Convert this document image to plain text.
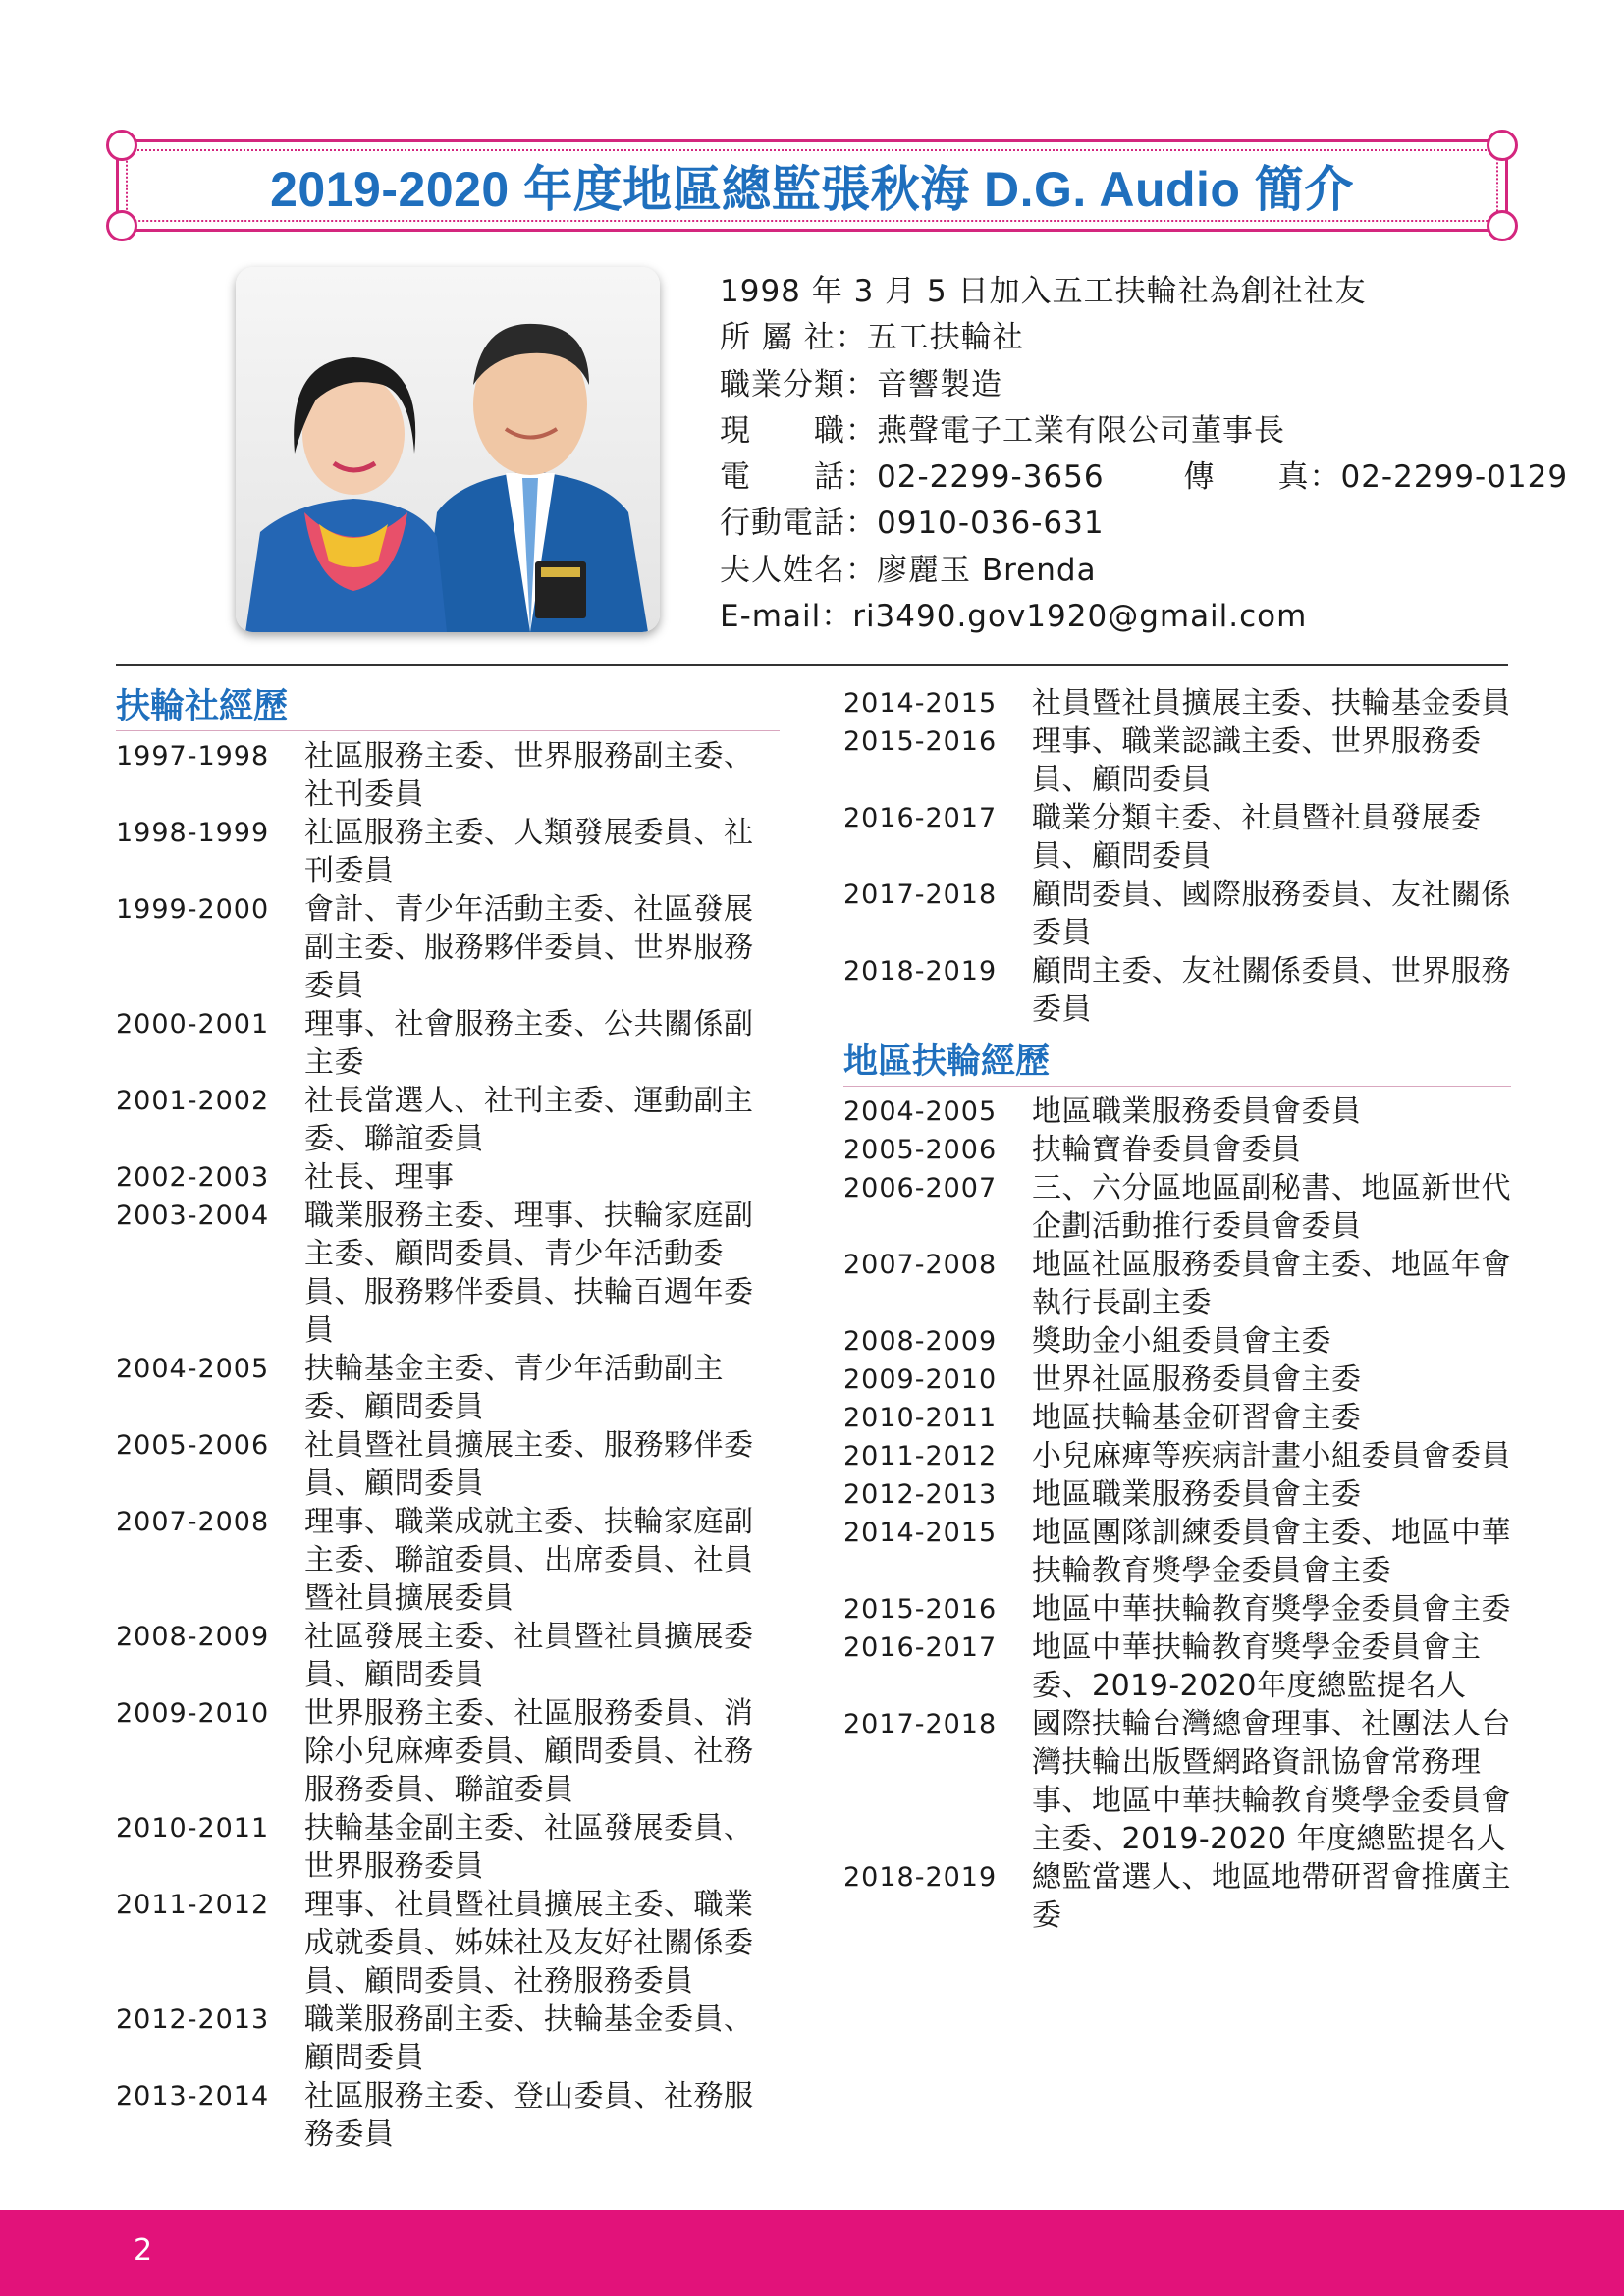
2019-2020 年度地區總監張秋海 D.G. Audio 簡介
1998 年 3 月 5 日加入五工扶輪社為創社社友
所 屬 社：五工扶輪社
職業分類：音響製造
現　　職：燕聲電子工業有限公司董事長
電　　話：02-2299-3656	傳　　真：02-2299-0129
行動電話：0910-036-631
夫人姓名：廖麗玉 Brenda
E-mail：ri3490.gov1920@gmail.com
扶輪社經歷
1997-1998	社區服務主委、世界服務副主委、社刊委員
1998-1999	社區服務主委、人類發展委員、社刊委員
1999-2000	會計、青少年活動主委、社區發展副主委、服務夥伴委員、世界服務委員
2000-2001	理事、社會服務主委、公共關係副主委
2001-2002	社長當選人、社刊主委、運動副主委、聯誼委員
2002-2003	社長、理事
2003-2004	職業服務主委、理事、扶輪家庭副主委、顧問委員、青少年活動委員、服務夥伴委員、扶輪百週年委員
2004-2005	扶輪基金主委、青少年活動副主委、顧問委員
2005-2006	社員暨社員擴展主委、服務夥伴委員、顧問委員
2007-2008	理事、職業成就主委、扶輪家庭副主委、聯誼委員、出席委員、社員暨社員擴展委員
2008-2009	社區發展主委、社員暨社員擴展委員、顧問委員
2009-2010	世界服務主委、社區服務委員、消除小兒麻痺委員、顧問委員、社務服務委員、聯誼委員
2010-2011	扶輪基金副主委、社區發展委員、世界服務委員
2011-2012	理事、社員暨社員擴展主委、職業成就委員、姊妹社及友好社關係委員、顧問委員、社務服務委員
2012-2013	職業服務副主委、扶輪基金委員、顧問委員
2013-2014	社區服務主委、登山委員、社務服務委員
2014-2015	社員暨社員擴展主委、扶輪基金委員
2015-2016	理事、職業認識主委、世界服務委員、顧問委員
2016-2017	職業分類主委、社員暨社員發展委員、顧問委員
2017-2018	顧問委員、國際服務委員、友社關係委員
2018-2019	顧問主委、友社關係委員、世界服務委員
地區扶輪經歷
2004-2005	地區職業服務委員會委員
2005-2006	扶輪寶眷委員會委員
2006-2007	三、六分區地區副秘書、地區新世代企劃活動推行委員會委員
2007-2008	地區社區服務委員會主委、地區年會執行長副主委
2008-2009	獎助金小組委員會主委
2009-2010	世界社區服務委員會主委
2010-2011	地區扶輪基金研習會主委
2011-2012	小兒麻痺等疾病計畫小組委員會委員
2012-2013	地區職業服務委員會主委
2014-2015	地區團隊訓練委員會主委、地區中華扶輪教育獎學金委員會主委
2015-2016	地區中華扶輪教育獎學金委員會主委
2016-2017	地區中華扶輪教育獎學金委員會主委、2019-2020年度總監提名人
2017-2018	國際扶輪台灣總會理事、社團法人台灣扶輪出版暨網路資訊協會常務理事、地區中華扶輪教育獎學金委員會主委、2019-2020 年度總監提名人
2018-2019	總監當選人、地區地帶研習會推廣主委
2
